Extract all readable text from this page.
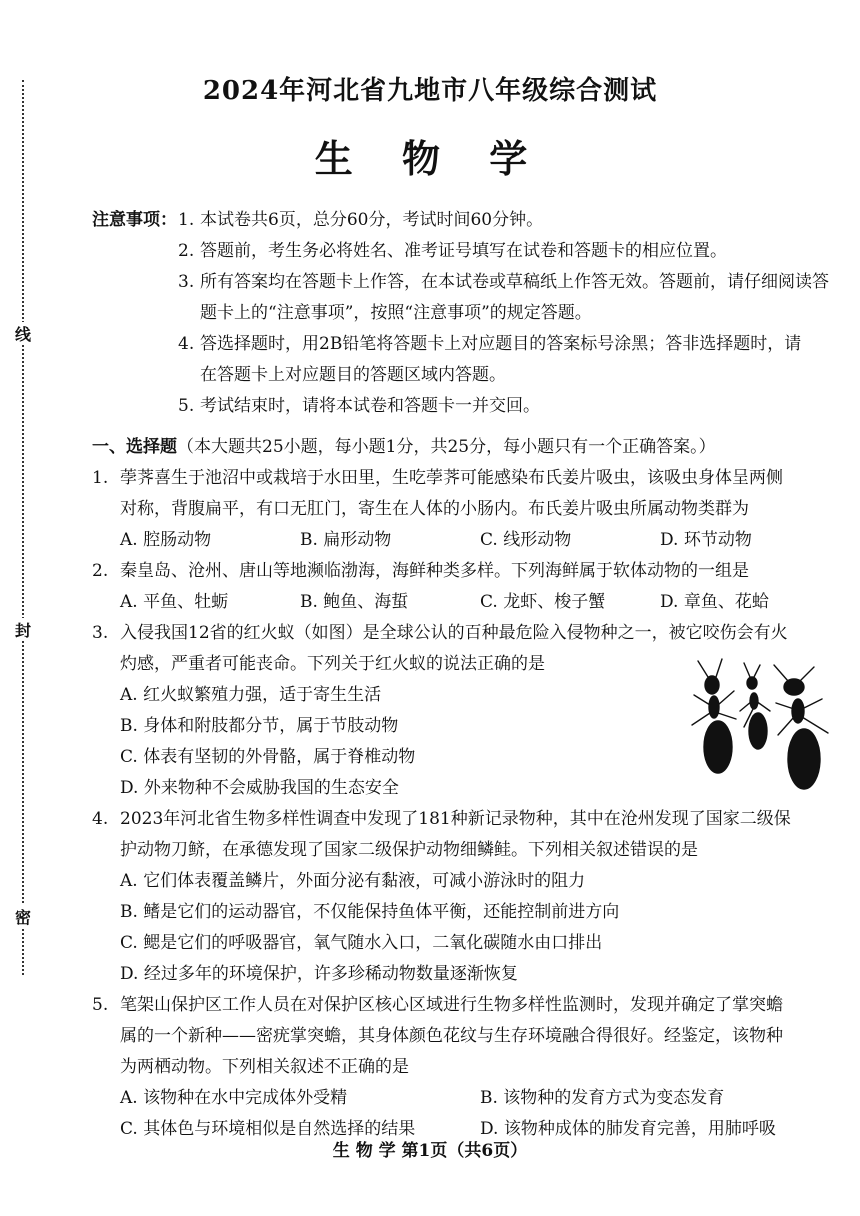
线
封
密
2024年河北省九地市八年级综合测试
生 物 学
注意事项： 1. 本试卷共6页，总分60分，考试时间60分钟。
2. 答题前，考生务必将姓名、准考证号填写在试卷和答题卡的相应位置。
3. 所有答案均在答题卡上作答，在本试卷或草稿纸上作答无效。答题前，请仔细阅读答
题卡上的“注意事项”，按照“注意事项”的规定答题。
4. 答选择题时，用2B铅笔将答题卡上对应题目的答案标号涂黑；答非选择题时，请
在答题卡上对应题目的答题区域内答题。
5. 考试结束时，请将本试卷和答题卡一并交回。
一、选择题（本大题共25小题，每小题1分，共25分，每小题只有一个正确答案。）
1. 荸荠喜生于池沼中或栽培于水田里，生吃荸荠可能感染布氏姜片吸虫，该吸虫身体呈两侧
对称，背腹扁平，有口无肛门，寄生在人体的小肠内。布氏姜片吸虫所属动物类群为
A. 腔肠动物	B. 扁形动物	C. 线形动物	D. 环节动物
2. 秦皇岛、沧州、唐山等地濒临渤海，海鲜种类多样。下列海鲜属于软体动物的一组是
A. 平鱼、牡蛎	B. 鲍鱼、海蜇	C. 龙虾、梭子蟹	D. 章鱼、花蛤
3. 入侵我国12省的红火蚁（如图）是全球公认的百种最危险入侵物种之一，被它咬伤会有火
灼感，严重者可能丧命。下列关于红火蚁的说法正确的是
A. 红火蚁繁殖力强，适于寄生生活
B. 身体和附肢都分节，属于节肢动物
C. 体表有坚韧的外骨骼，属于脊椎动物
D. 外来物种不会威胁我国的生态安全
4. 2023年河北省生物多样性调查中发现了181种新记录物种，其中在沧州发现了国家二级保
护动物刀鲚，在承德发现了国家二级保护动物细鳞鲑。下列相关叙述错误的是
A. 它们体表覆盖鳞片，外面分泌有黏液，可减小游泳时的阻力
B. 鳍是它们的运动器官，不仅能保持鱼体平衡，还能控制前进方向
C. 鳃是它们的呼吸器官，氧气随水入口，二氧化碳随水由口排出
D. 经过多年的环境保护，许多珍稀动物数量逐渐恢复
5. 笔架山保护区工作人员在对保护区核心区域进行生物多样性监测时，发现并确定了掌突蟾
属的一个新种——密疣掌突蟾，其身体颜色花纹与生存环境融合得很好。经鉴定，该物种
为两栖动物。下列相关叙述不正确的是
A. 该物种在水中完成体外受精	B. 该物种的发育方式为变态发育
C. 其体色与环境相似是自然选择的结果	D. 该物种成体的肺发育完善，用肺呼吸
生 物 学 第1页（共6页）
